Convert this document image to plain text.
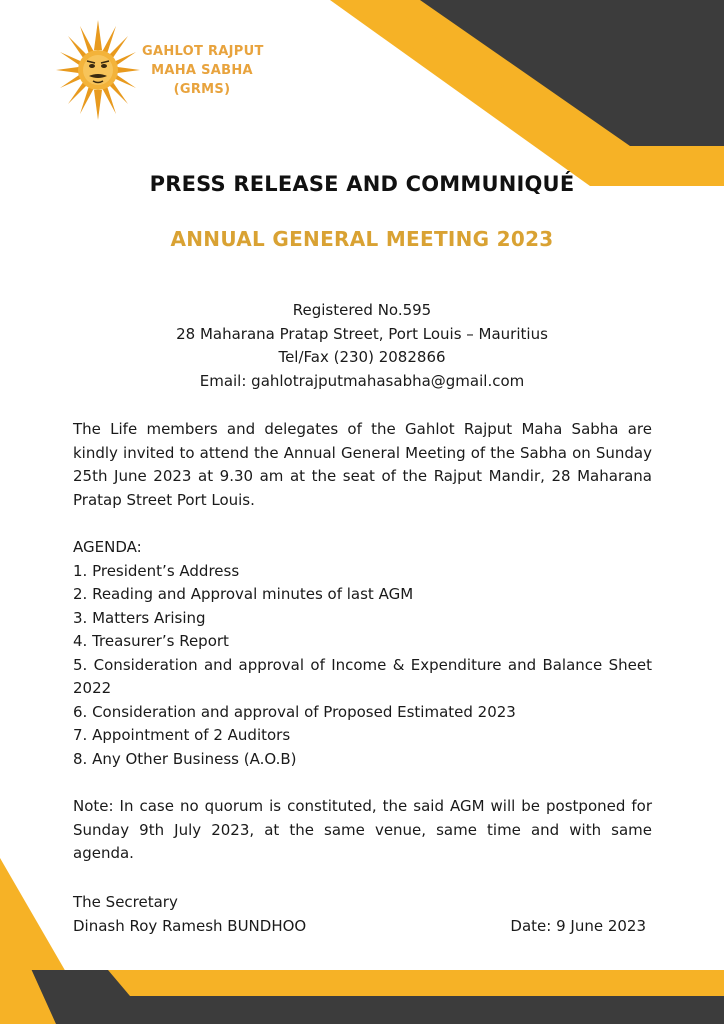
GAHLOT RAJPUT
MAHA SABHA
(GRMS)
PRESS RELEASE AND COMMUNIQUÉ
ANNUAL GENERAL MEETING 2023
Registered No.595
28 Maharana Pratap Street, Port Louis – Mauritius
Tel/Fax (230) 2082866
Email: gahlotrajputmahasabha@gmail.com
The Life members and delegates of the Gahlot Rajput Maha Sabha are kindly invited to attend the Annual General Meeting of the Sabha on Sunday 25th June 2023 at 9.30 am at the seat of the Rajput Mandir, 28 Maharana Pratap Street Port Louis.
AGENDA:
1. President’s Address
2. Reading and Approval minutes of last AGM
3. Matters Arising
4. Treasurer’s Report
5. Consideration and approval of Income & Expenditure and Balance Sheet 2022
6. Consideration and approval of Proposed Estimated 2023
7. Appointment of 2 Auditors
8. Any Other Business (A.O.B)
Note: In case no quorum is constituted, the said AGM will be postponed for Sunday 9th July 2023, at the same venue, same time and with same agenda.
The Secretary
Dinash Roy Ramesh BUNDHOO	Date: 9 June 2023
